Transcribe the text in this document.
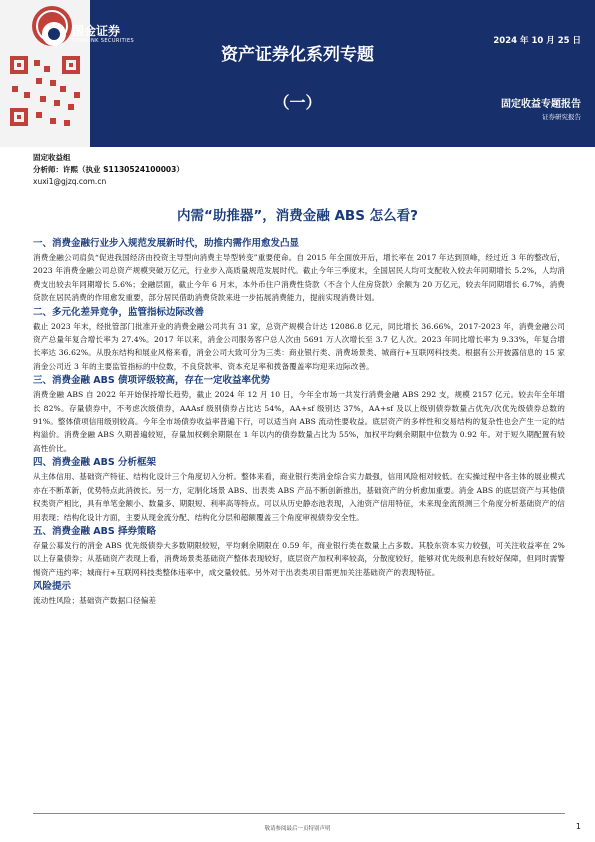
国金证券
SINOLINK SECURITIES
资产证券化系列专题
（一）
2024 年 10 月 25 日
固定收益专题报告
证券研究报告
固定收益组
分析师：许熙（执业 S1130524100003）
xuxi1@gjzq.com.cn
内需“助推器”，消费金融 ABS 怎么看?
一、消费金融行业步入规范发展新时代，助推内需作用愈发凸显
消费金融公司肩负“促进我国经济由投资主导型向消费主导型转变”重要使命。自 2015 年全面放开后，增长率在 2017 年达到顶峰，经过近 3 年的整改后，2023 年消费金融公司总资产规模突破万亿元，行业步入高质量规范发展时代。截止今年三季度末，全国居民人均可支配收入较去年同期增长 5.2%，人均消费支出较去年同期增长 5.6%；金融层面，截止今年 6 月末，本外币住户消费性贷款（不含个人住房贷款）余额为 20 万亿元，较去年同期增长 6.7%，消费贷款在居民消费的作用愈发重要，部分居民借助消费贷款来进一步拓展消费能力，提前实现消费计划。
二、多元化差异竞争，监管指标边际改善
截止 2023 年末，经批管部门批准开业的消费金融公司共有 31 家，总资产规模合计达 12086.8 亿元，同比增长 36.66%，2017-2023 年，消费金融公司资产总量年复合增长率为 27.4%。2017 年以来，消金公司服务客户总人次由 5691 万人次增长至 3.7 亿人次。2023 年同比增长率为 9.33%，年复合增长率达 36.62%。从股东结构和展业风格来看，消金公司大致可分为三类：商业银行类、消费场景类、城商行+互联网科技类。根据有公开披露信息的 15 家消金公司近 3 年的主要监管指标的中位数，不良贷款率、资本充足率和拨备覆盖率均迎来边际改善。
三、消费金融 ABS 债项评级较高，存在一定收益率优势
消费金融 ABS 自 2022 年开始保持增长趋势，截止 2024 年 12 月 10 日，今年全市场一共发行消费金融 ABS 292 支，规模 2157 亿元。较去年全年增长 82%。存量债券中，不考虑次级债券，AAAsf 级别债券占比达 54%，AA+sf 级别达 37%，AA+sf 及以上级别债券数量占优先/次优先级债券总数的 91%。整体债项信用级别较高。今年全市场债券收益率普遍下行，可以适当向 ABS 流动性要收益。底层资产的多样性和交易结构的复杂性也会产生一定的结构溢价。消费金融 ABS 久期普遍较短，存量加权剩余期限在 1 年以内的债券数量占比为 55%，加权平均剩余期限中位数为 0.92 年。对于短久期配置有较高性价比。
四、消费金融 ABS 分析框架
从主体信用、基础资产特征、结构化设计三个角度切入分析。整体来看，商业银行类消金综合实力最强，信用风险相对较低。在实操过程中各主体的展业模式亦在不断革新，优势特点此消彼长。另一方，定制化场景 ABS、出表类 ABS 产品不断创新推出，基础资产的分析愈加重要。消金 ABS 的底层资产与其他债权类资产相比，具有单笔金额小、数量多、期限短、利率高等特点。可以从历史静态池表现，入池资产信用特征，未来现金流预测三个角度分析基础资产的信用表现；结构化设计方面，主要从现金流分配、结构化分层和超额覆盖三个角度审视债券安全性。
五、消费金融 ABS 择券策略
存量公募发行的消金 ABS 优先级债券大多数期限较短，平均剩余期限在 0.59 年，商业银行类在数量上占多数。其股东资本实力较强，可关注收益率在 2%以上存量债券；从基础资产表现上看，消费场景类基础资产整体表现较好，底层资产加权利率较高，分散度较好，能够对优先级利息有较好保障，但同时需警惕资产违约率；城商行+互联网科技类整体违率中，成交量较低。另外对于出表类项目需更加关注基础资产的表现特征。
风险提示
流动性风险；基础资产数据口径偏差
敬请参阅最后一页特别声明	1
